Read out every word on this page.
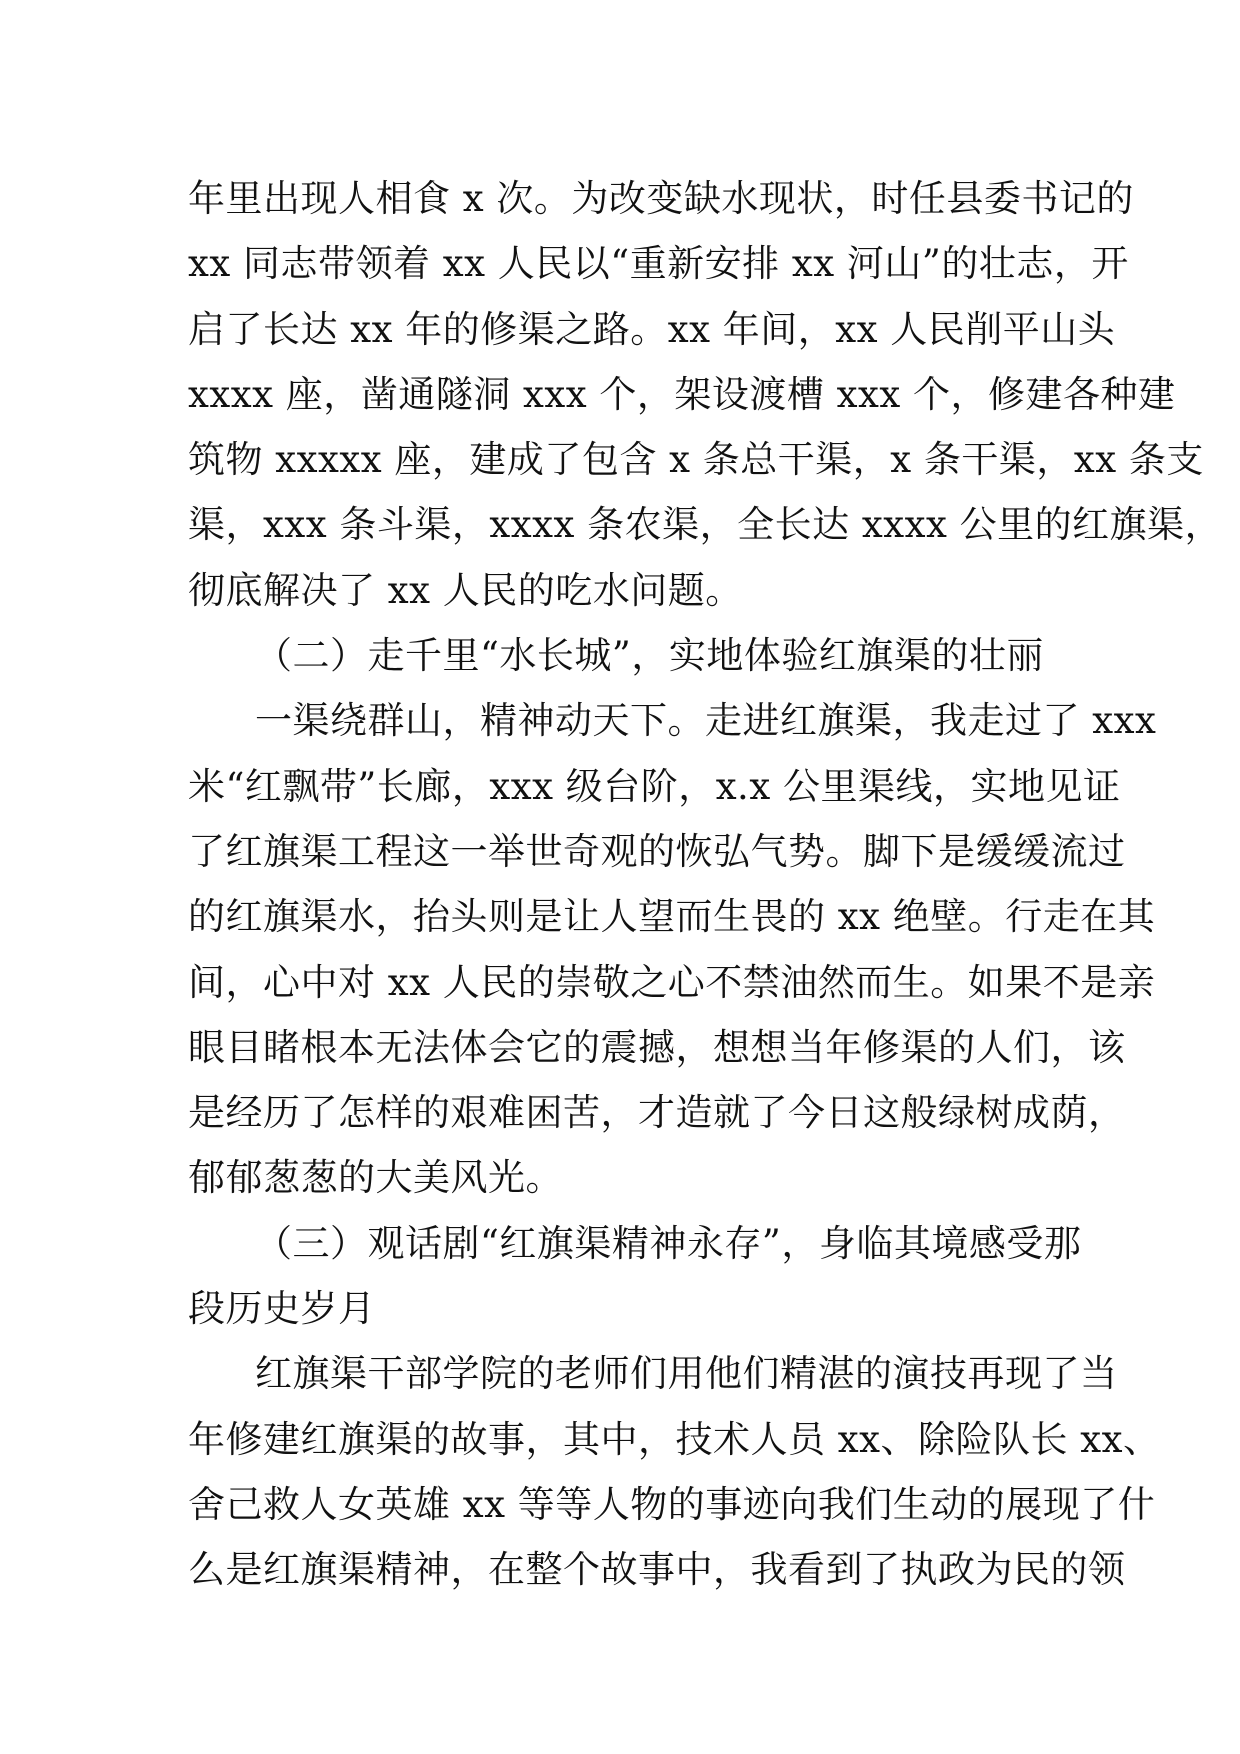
年里出现人相食 x 次。为改变缺水现状，时任县委书记的
xx 同志带领着 xx 人民以“重新安排 xx 河山”的壮志，开
启了长达 xx 年的修渠之路。xx 年间，xx 人民削平山头
xxxx 座，凿通隧洞 xxx 个，架设渡槽 xxx 个，修建各种建
筑物 xxxxx 座，建成了包含 x 条总干渠，x 条干渠，xx 条支
渠，xxx 条斗渠，xxxx 条农渠，全长达 xxxx 公里的红旗渠，
彻底解决了 xx 人民的吃水问题。
（二）走千里“水长城”，实地体验红旗渠的壮丽
一渠绕群山，精神动天下。走进红旗渠，我走过了 xxx
米“红飘带”长廊，xxx 级台阶，x.x 公里渠线，实地见证
了红旗渠工程这一举世奇观的恢弘气势。脚下是缓缓流过
的红旗渠水，抬头则是让人望而生畏的 xx 绝壁。行走在其
间，心中对 xx 人民的崇敬之心不禁油然而生。如果不是亲
眼目睹根本无法体会它的震撼，想想当年修渠的人们，该
是经历了怎样的艰难困苦，才造就了今日这般绿树成荫，
郁郁葱葱的大美风光。
（三）观话剧“红旗渠精神永存”，身临其境感受那
段历史岁月
红旗渠干部学院的老师们用他们精湛的演技再现了当
年修建红旗渠的故事，其中，技术人员 xx、除险队长 xx、
舍己救人女英雄 xx 等等人物的事迹向我们生动的展现了什
么是红旗渠精神，在整个故事中，我看到了执政为民的领
